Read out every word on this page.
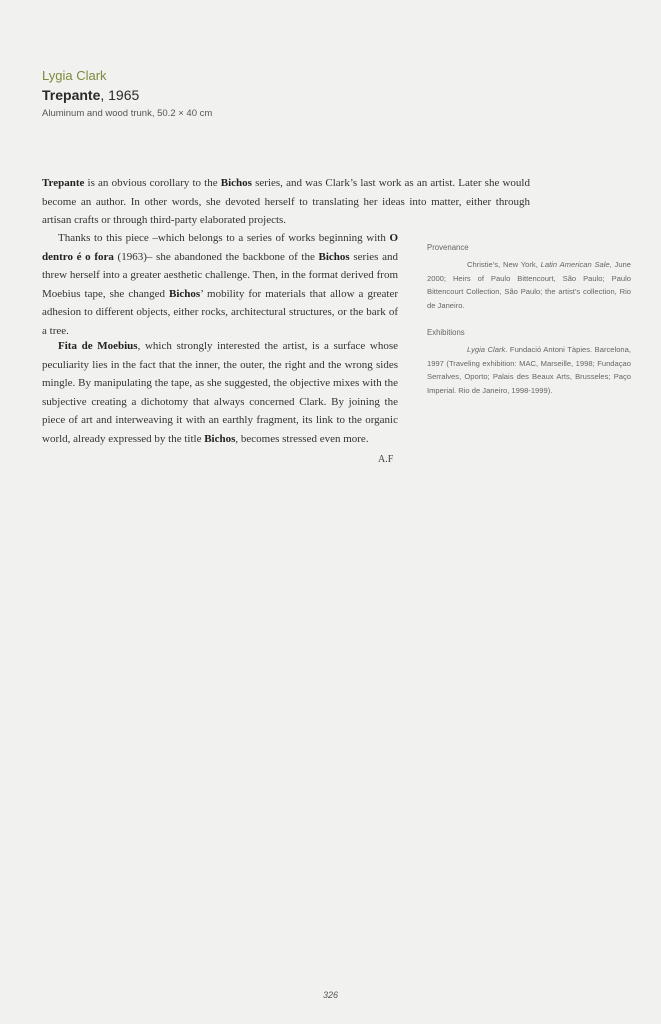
Lygia Clark
Trepante, 1965
Aluminum and wood trunk, 50.2 × 40 cm

Trepante is an obvious corollary to the Bichos series, and was Clark’s last work as an artist. Later she would become an author. In other words, she devoted herself to translating her ideas into matter, either through artisan crafts or through third-party elaborated projects.

Thanks to this piece –which belongs to a series of works beginning with O dentro é o fora (1963)– she abandoned the backbone of the Bichos series and threw herself into a greater aesthetic challenge. Then, in the format derived from Moebius tape, she changed Bichos’ mobility for materials that allow a greater adhesion to different objects, either rocks, architectural structures, or the bark of a tree.

Fita de Moebius, which strongly interested the artist, is a surface whose peculiarity lies in the fact that the inner, the outer, the right and the wrong sides mingle. By manipulating the tape, as she suggested, the objective mixes with the subjective creating a dichotomy that always concerned Clark. By joining the piece of art and interweaving it with an earthly fragment, its link to the organic world, already expressed by the title Bichos, becomes stressed even more.

A.F
Provenance
Christie’s, New York, Latin American Sale, June 2000; Heirs of Paulo Bittencourt, São Paulo; Paulo Bittencourt Collection, São Paulo; the artist’s collection, Rio de Janeiro.
Exhibitions
Lygia Clark. Fundació Antoni Tàpies. Barcelona, 1997 (Traveling exhibition: MAC, Marseille, 1998; Fundaçao Serralves, Oporto; Palais des Beaux Arts, Brusseles; Paço Imperial. Rio de Janeiro, 1998-1999).
326
